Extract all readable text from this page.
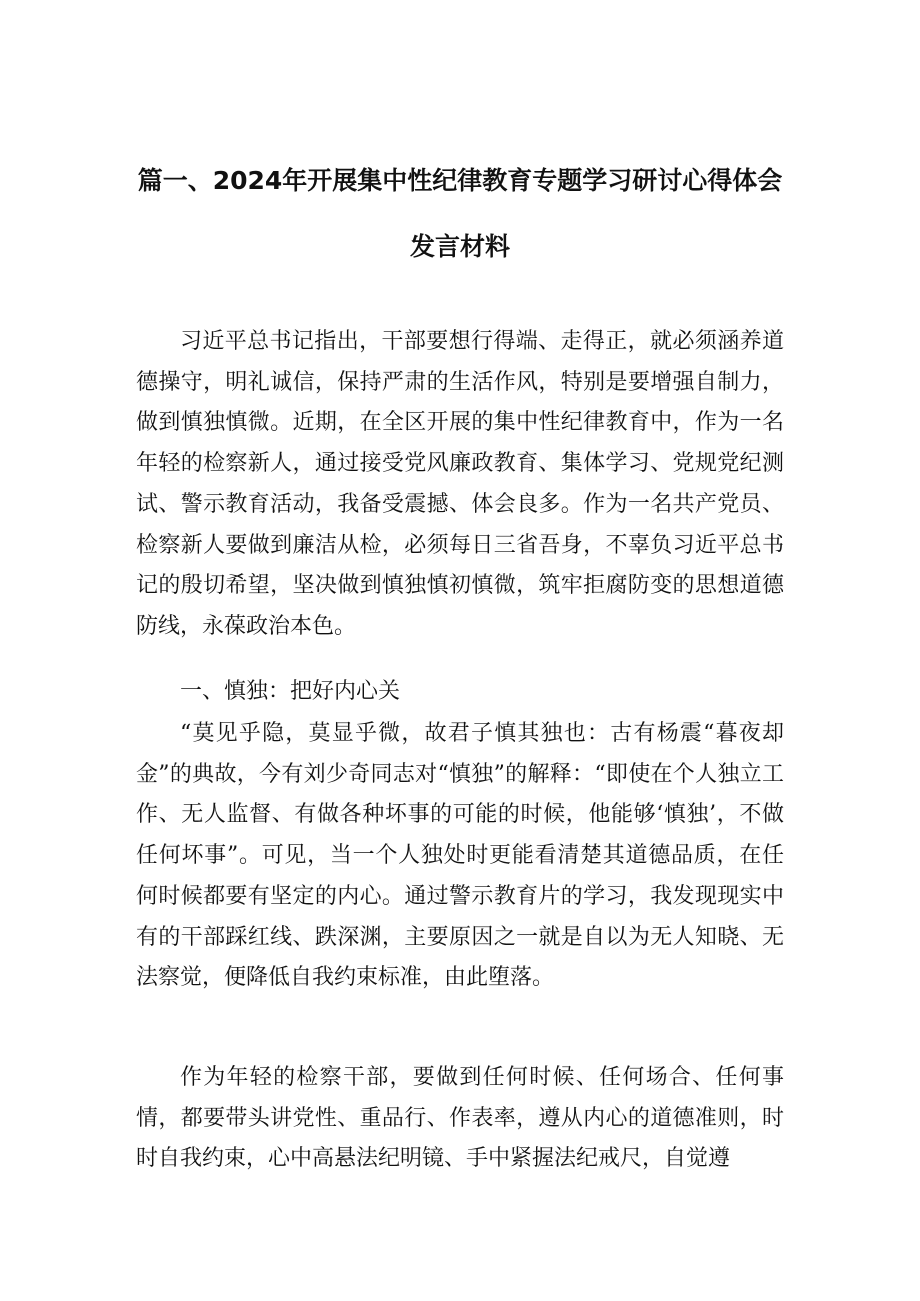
篇一、2024年开展集中性纪律教育专题学习研讨心得体会
发言材料

习近平总书记指出，干部要想行得端、走得正，就必须涵养道德操守，明礼诚信，保持严肃的生活作风，特别是要增强自制力，做到慎独慎微。近期，在全区开展的集中性纪律教育中，作为一名年轻的检察新人，通过接受党风廉政教育、集体学习、党规党纪测试、警示教育活动，我备受震撼、体会良多。作为一名共产党员、检察新人要做到廉洁从检，必须每日三省吾身，不辜负习近平总书记的殷切希望，坚决做到慎独慎初慎微，筑牢拒腐防变的思想道德防线，永葆政治本色。

一、慎独：把好内心关

“莫见乎隐，莫显乎微，故君子慎其独也：古有杨震“暮夜却金”的典故，今有刘少奇同志对“慎独”的解释：“即使在个人独立工作、无人监督、有做各种坏事的可能的时候，他能够‘慎独’，不做任何坏事”。可见，当一个人独处时更能看清楚其道德品质，在任何时候都要有坚定的内心。通过警示教育片的学习，我发现现实中有的干部踩红线、跌深渊，主要原因之一就是自以为无人知晓、无法察觉，便降低自我约束标准，由此堕落。

作为年轻的检察干部，要做到任何时候、任何场合、任何事情，都要带头讲党性、重品行、作表率，遵从内心的道德准则，时时自我约束，心中高悬法纪明镜、手中紧握法纪戒尺，自觉遵
